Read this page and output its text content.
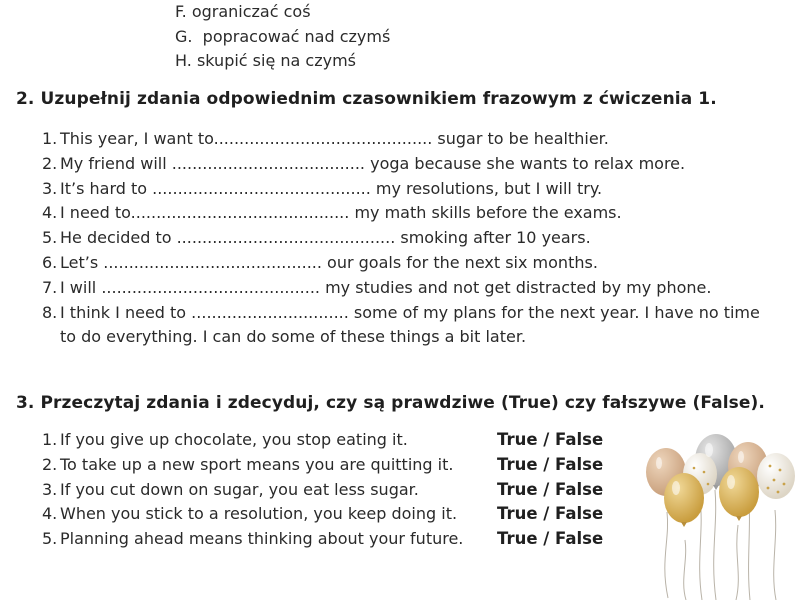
F. ograniczać coś
G.  popracować nad czymś
H. skupić się na czymś
2. Uzupełnij zdania odpowiednim czasownikiem frazowym z ćwiczenia 1.
1. This year, I want to........................................... sugar to be healthier.
2. My friend will ...................................... yoga because she wants to relax more.
3. It’s hard to ........................................... my resolutions, but I will try.
4. I need to........................................... my math skills before the exams.
5. He decided to ........................................... smoking after 10 years.
6. Let’s ........................................... our goals for the next six months.
7. I will ........................................... my studies and not get distracted by my phone.
8. I think I need to ............................... some of my plans for the next year. I have no time
to do everything. I can do some of these things a bit later.
3. Przeczytaj zdania i zdecyduj, czy są prawdziwe (True) czy fałszywe (False).
1. If you give up chocolate, you stop eating it.	True / False
2. To take up a new sport means you are quitting it.	True / False
3. If you cut down on sugar, you eat less sugar.	True / False
4. When you stick to a resolution, you keep doing it. True / False
5. Planning ahead means thinking about your future. True / False
